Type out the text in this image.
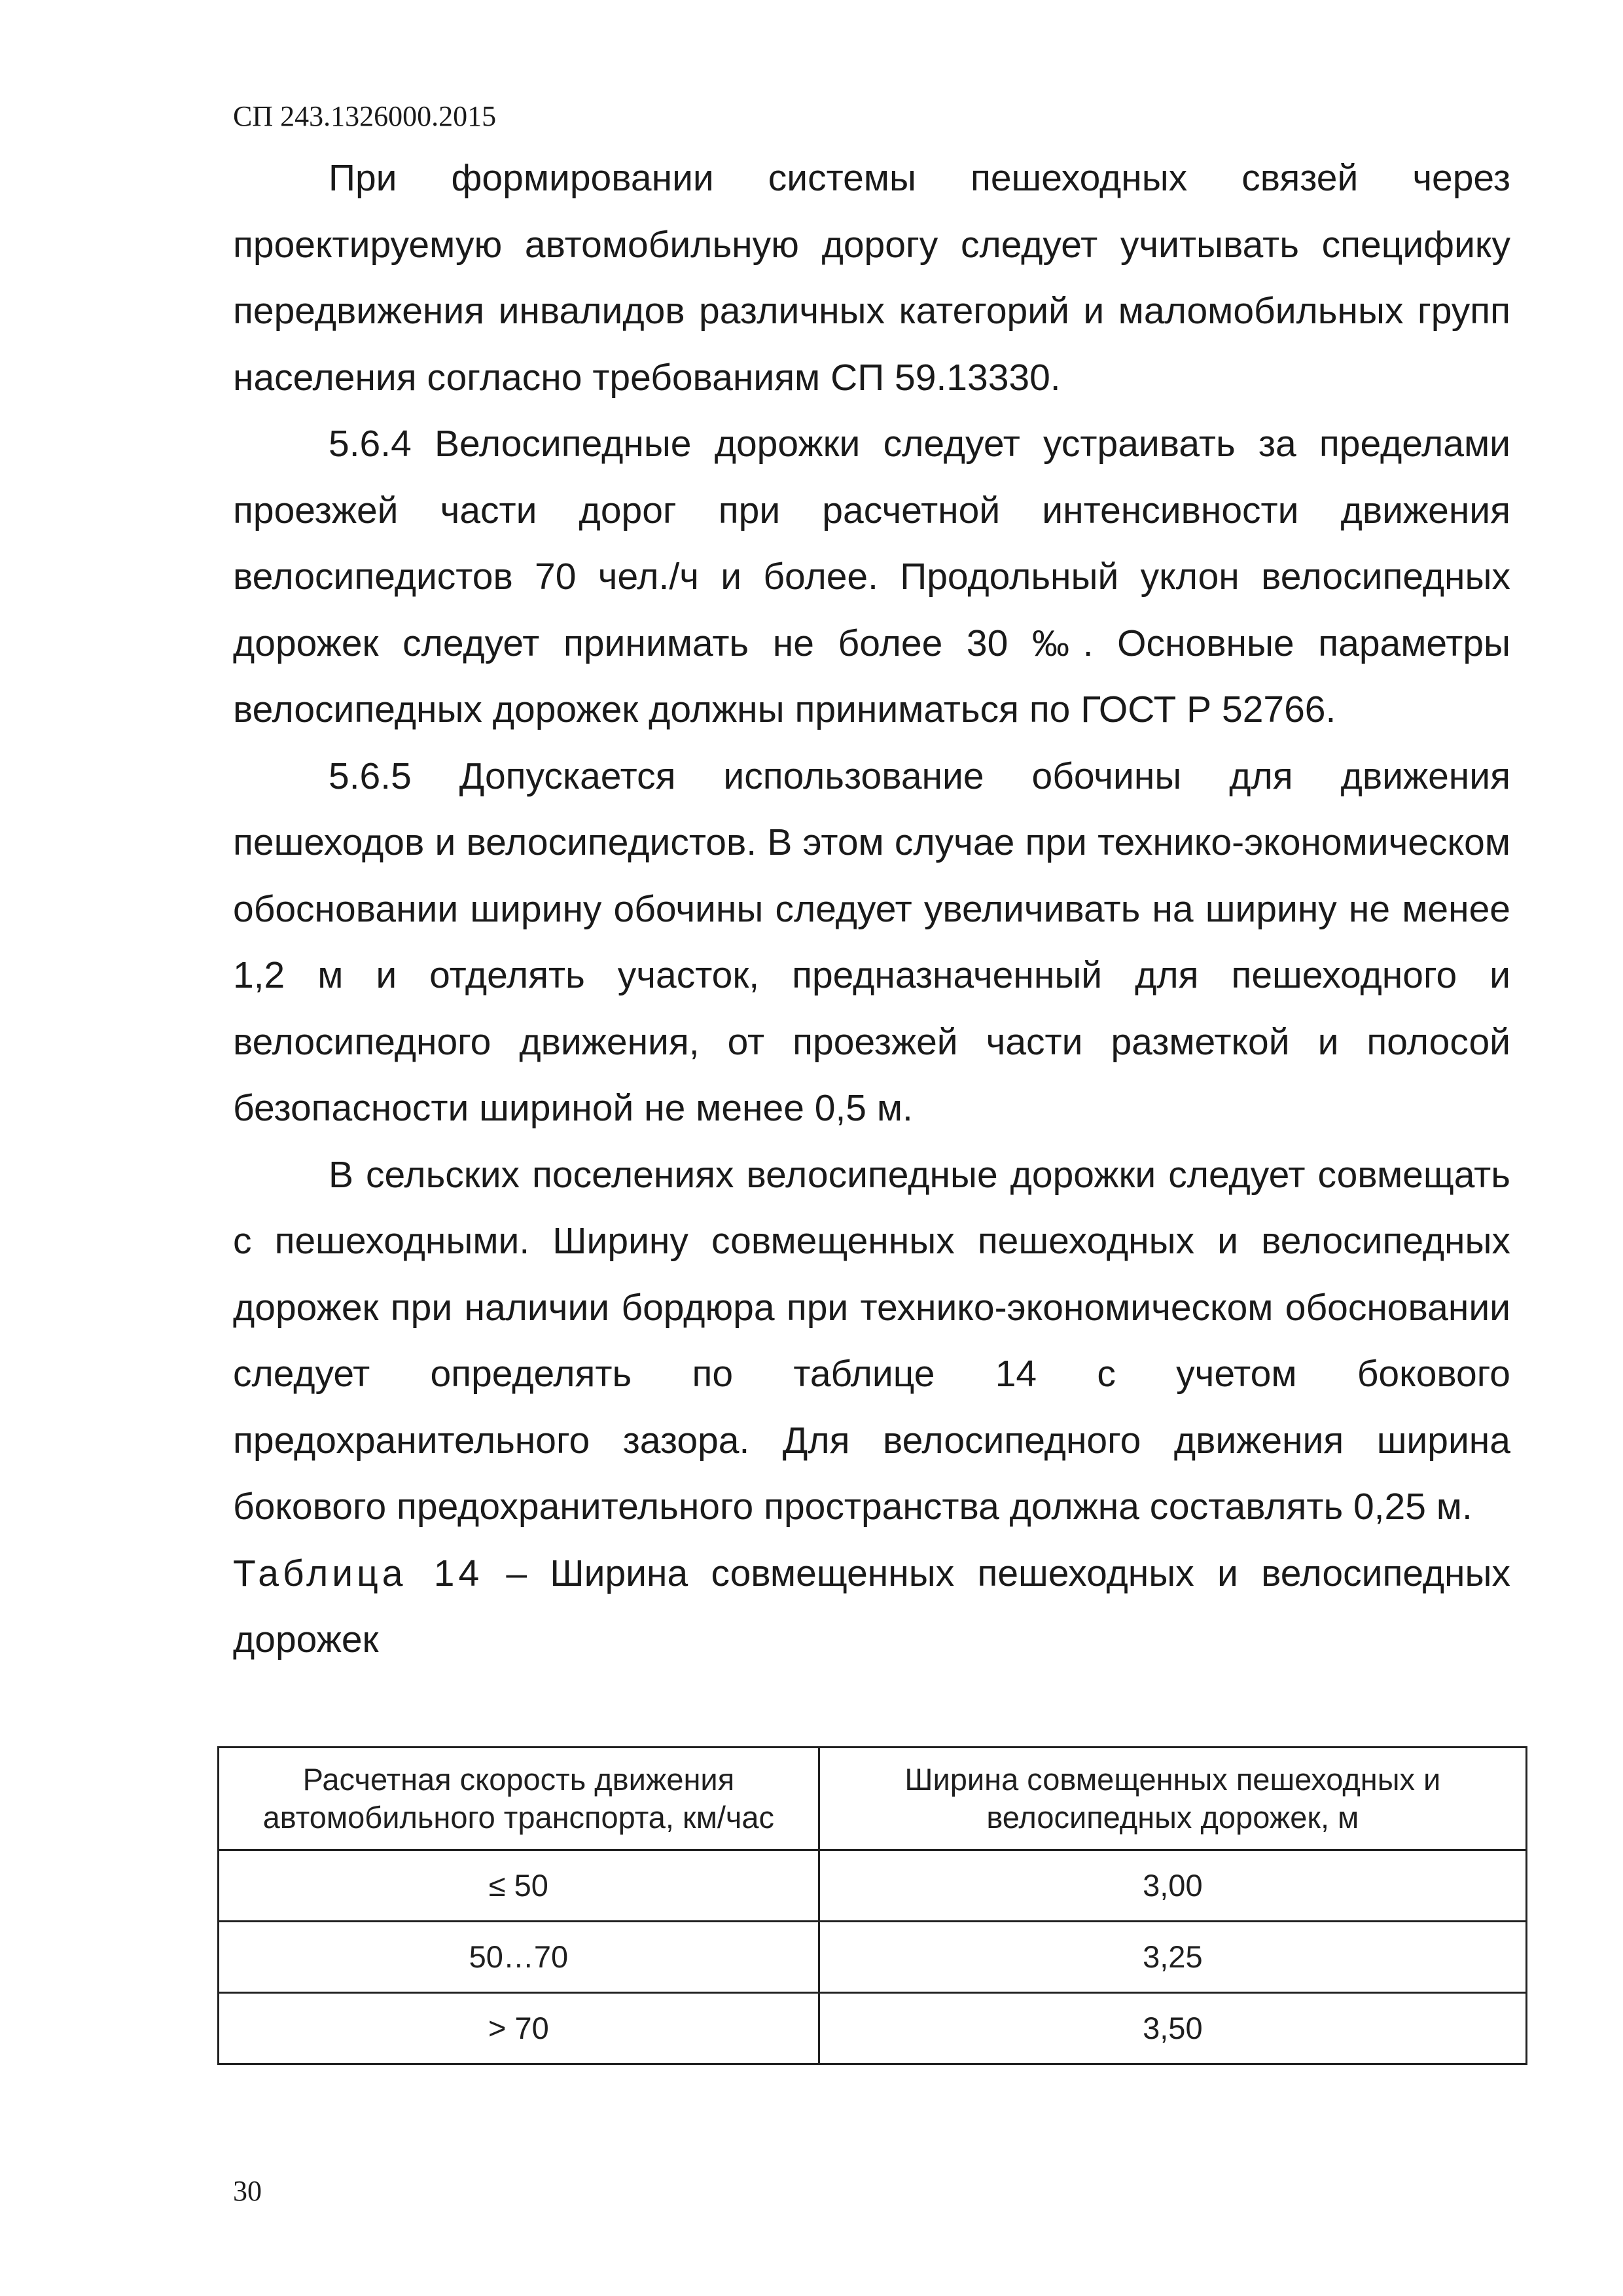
СП 243.1326000.2015

При формировании системы пешеходных связей через проектируемую автомобильную дорогу следует учитывать специфику передвижения инвалидов различных категорий и маломобильных групп населения согласно требованиям СП 59.13330.

5.6.4 Велосипедные дорожки следует устраивать за пределами проезжей части дорог при расчетной интенсивности движения велосипедистов 70 чел./ч и более. Продольный уклон велосипедных дорожек следует принимать не более 30 ‰. Основные параметры велосипедных дорожек должны приниматься по ГОСТ Р 52766.

5.6.5 Допускается использование обочины для движения пешеходов и велосипедистов. В этом случае при технико-экономическом обосновании ширину обочины следует увеличивать на ширину не менее 1,2 м и отделять участок, предназначенный для пешеходного и велосипедного движения, от проезжей части разметкой и полосой безопасности шириной не менее 0,5 м.

В сельских поселениях велосипедные дорожки следует совмещать с пешеходными. Ширину совмещенных пешеходных и велосипедных дорожек при наличии бордюра при технико-экономическом обосновании следует определять по таблице 14 с учетом бокового предохранительного зазора. Для велосипедного движения ширина бокового предохранительного пространства должна составлять 0,25 м.

Таблица 14 – Ширина совмещенных пешеходных и велосипедных дорожек

Расчетная скорость движения автомобильного транспорта, км/час	Ширина совмещенных пешеходных и велосипедных дорожек, м
≤ 50	3,00
50…70	3,25
> 70	3,50
30
